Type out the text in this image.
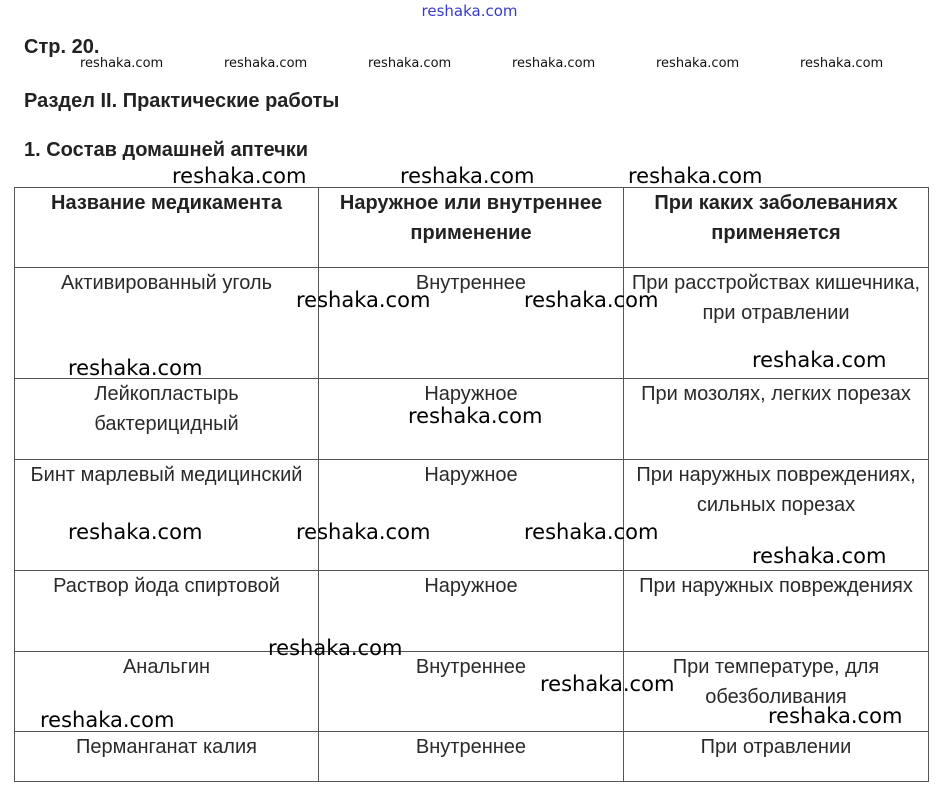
reshaka.com
Стр. 20.
reshaka.com	reshaka.com	reshaka.com	reshaka.com	reshaka.com	reshaka.com
Раздел II. Практические работы
1. Состав домашней аптечки
Название медикамента	Наружное или внутреннее применение	При каких заболеваниях применяется
Активированный уголь	Внутреннее	При расстройствах кишечника, при отравлении
Лейкопластырь бактерицидный	Наружное	При мозолях, легких порезах
Бинт марлевый медицинский	Наружное	При наружных повреждениях, сильных порезах
Раствор йода спиртовой	Наружное	При наружных повреждениях
Анальгин	Внутреннее	При температуре, для обезболивания
Перманганат калия	Внутреннее	При отравлении
reshaka.com	reshaka.com	reshaka.com
reshaka.com	reshaka.com
reshaka.com
reshaka.com
reshaka.com
reshaka.com	reshaka.com	reshaka.com
reshaka.com
reshaka.com
reshaka.com
reshaka.com	reshaka.com
